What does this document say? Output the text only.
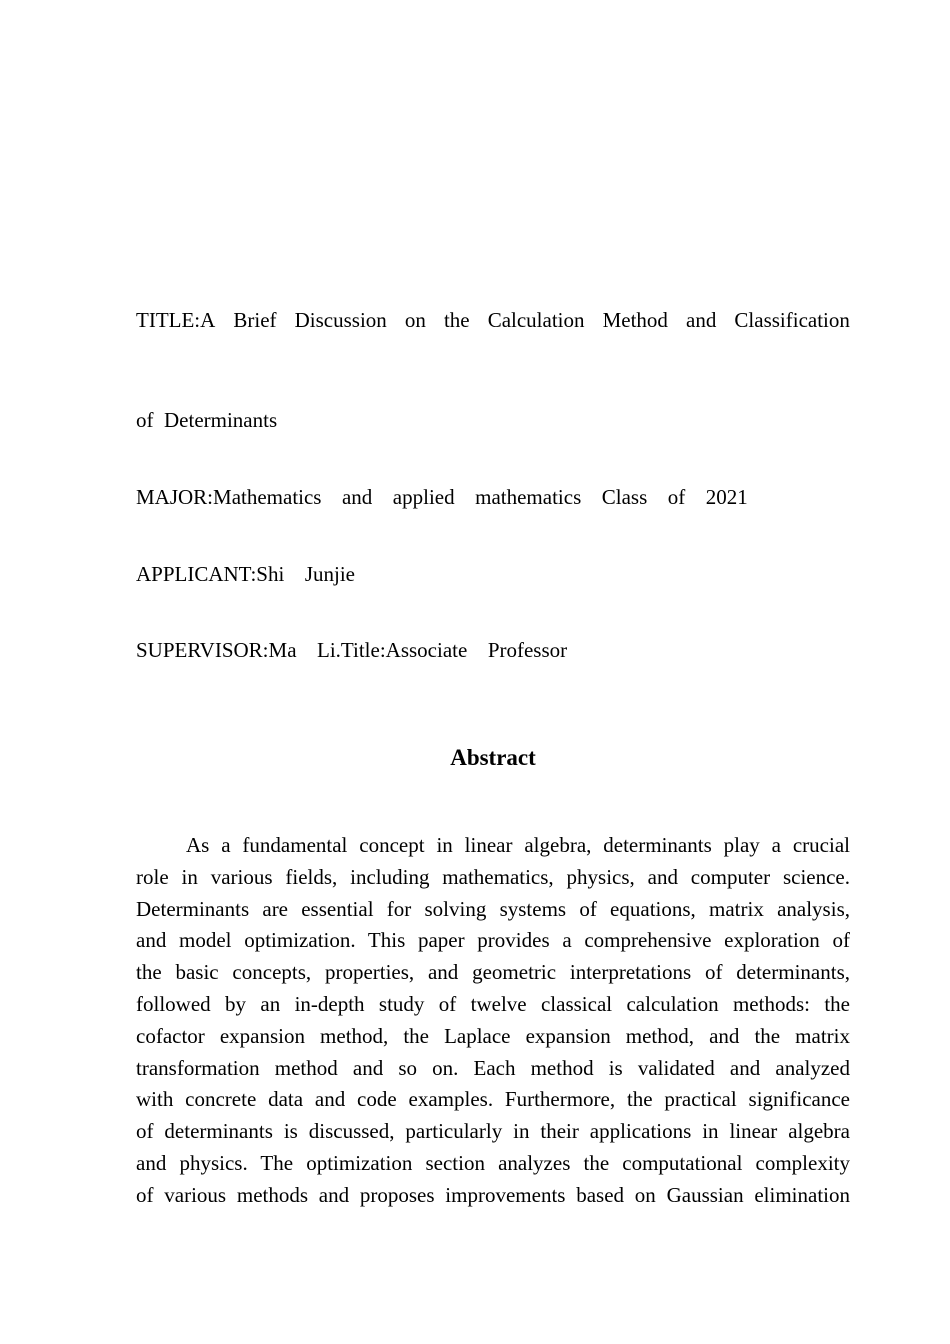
TITLE:A Brief Discussion on the Calculation Method and Classification
of  Determinants
MAJOR:Mathematics  and  applied  mathematics  Class  of  2021
APPLICANT:Shi  Junjie
SUPERVISOR:Ma  Li.Title:Associate  Professor
Abstract
As a fundamental concept in linear algebra, determinants play a crucial
role in various fields, including mathematics, physics, and computer science.
Determinants are essential for solving systems of equations, matrix analysis,
and model optimization. This paper provides a comprehensive exploration of
the basic concepts, properties, and geometric interpretations of determinants,
followed by an in-depth study of twelve classical calculation methods: the
cofactor expansion method, the Laplace expansion method, and the matrix
transformation method and so on. Each method is validated and analyzed
with concrete data and code examples. Furthermore, the practical significance
of determinants is discussed, particularly in their applications in linear algebra
and physics. The optimization section analyzes the computational complexity
of various methods and proposes improvements based on Gaussian elimination
